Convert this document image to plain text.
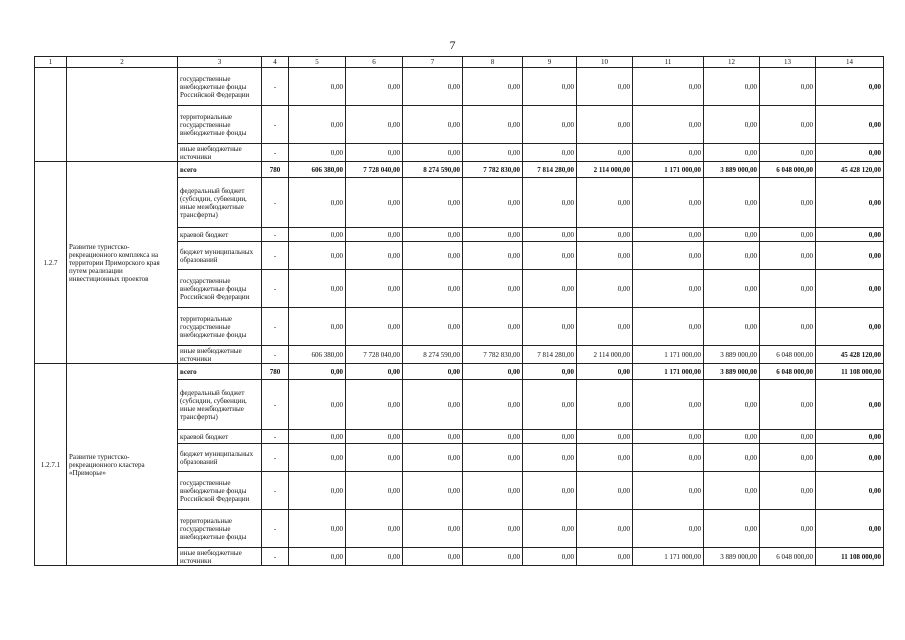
7
1	2	3	4	5	6	7	8	9	10	11	12	13	14
		государственные внебюджетные фонды Российской Федерации	-	0,00	0,00	0,00	0,00	0,00	0,00	0,00	0,00	0,00	0,00
		территориальные государственные внебюджетные фонды	-	0,00	0,00	0,00	0,00	0,00	0,00	0,00	0,00	0,00	0,00
		иные внебюджетные источники	-	0,00	0,00	0,00	0,00	0,00	0,00	0,00	0,00	0,00	0,00
1.2.7	Развитие туристско-рекреационного комплекса на территории Приморского края путем реализации инвестиционных проектов	всего	780	606 380,00	7 728 040,00	8 274 590,00	7 782 830,00	7 814 280,00	2 114 000,00	1 171 000,00	3 889 000,00	6 048 000,00	45 428 120,00
		федеральный бюджет (субсидии, субвенции, иные межбюджетные трансферты)	-	0,00	0,00	0,00	0,00	0,00	0,00	0,00	0,00	0,00	0,00
		краевой бюджет	-	0,00	0,00	0,00	0,00	0,00	0,00	0,00	0,00	0,00	0,00
		бюджет муниципальных образований	-	0,00	0,00	0,00	0,00	0,00	0,00	0,00	0,00	0,00	0,00
		государственные внебюджетные фонды Российской Федерации	-	0,00	0,00	0,00	0,00	0,00	0,00	0,00	0,00	0,00	0,00
		территориальные государственные внебюджетные фонды	-	0,00	0,00	0,00	0,00	0,00	0,00	0,00	0,00	0,00	0,00
		иные внебюджетные источники	-	606 380,00	7 728 040,00	8 274 590,00	7 782 830,00	7 814 280,00	2 114 000,00	1 171 000,00	3 889 000,00	6 048 000,00	45 428 120,00
1.2.7.1	Развитие туристско-рекреационного кластера «Приморье»	всего	780	0,00	0,00	0,00	0,00	0,00	0,00	1 171 000,00	3 889 000,00	6 048 000,00	11 108 000,00
		федеральный бюджет (субсидии, субвенции, иные межбюджетные трансферты)	-	0,00	0,00	0,00	0,00	0,00	0,00	0,00	0,00	0,00	0,00
		краевой бюджет	-	0,00	0,00	0,00	0,00	0,00	0,00	0,00	0,00	0,00	0,00
		бюджет муниципальных образований	-	0,00	0,00	0,00	0,00	0,00	0,00	0,00	0,00	0,00	0,00
		государственные внебюджетные фонды Российской Федерации	-	0,00	0,00	0,00	0,00	0,00	0,00	0,00	0,00	0,00	0,00
		территориальные государственные внебюджетные фонды	-	0,00	0,00	0,00	0,00	0,00	0,00	0,00	0,00	0,00	0,00
		иные внебюджетные источники	-	0,00	0,00	0,00	0,00	0,00	0,00	1 171 000,00	3 889 000,00	6 048 000,00	11 108 000,00
